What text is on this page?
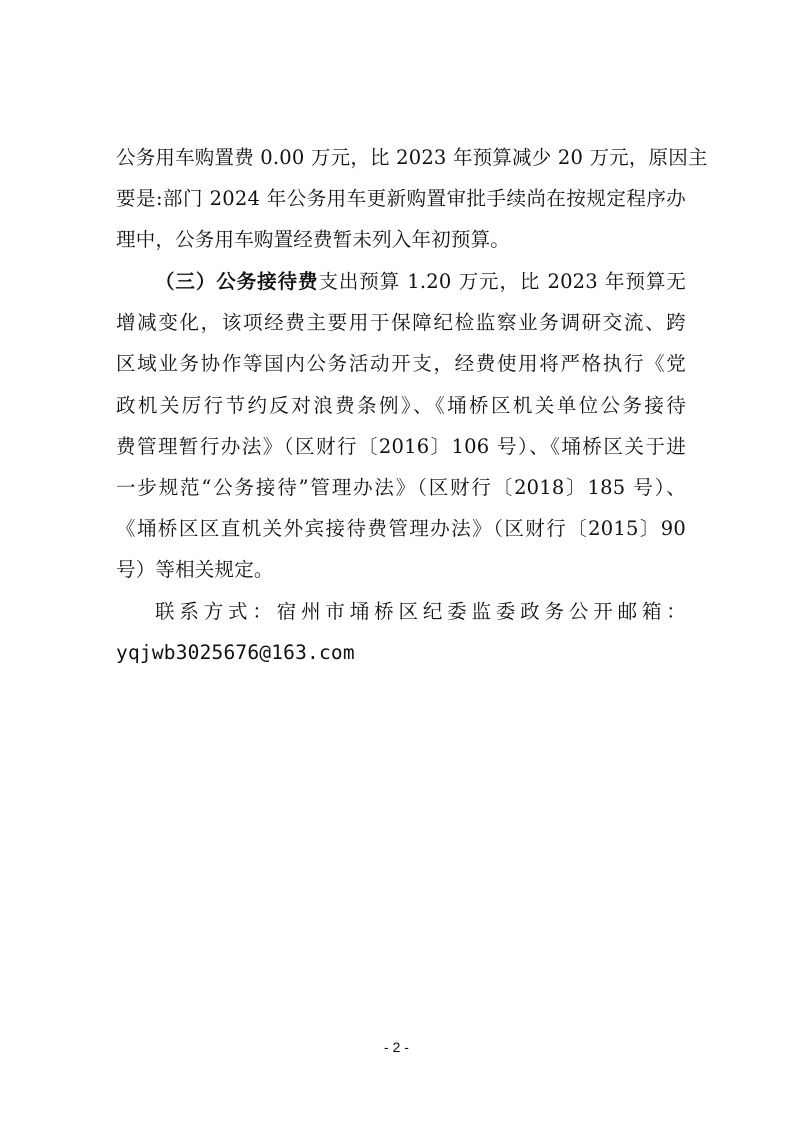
公务用车购置费 0.00 万元，比 2023 年预算减少 20 万元，原因主
要是:部门 2024 年公务用车更新购置审批手续尚在按规定程序办
理中，公务用车购置经费暂未列入年初预算。
（三）公务接待费支出预算 1.20 万元，比 2023 年预算无
增减变化，该项经费主要用于保障纪检监察业务调研交流、跨
区域业务协作等国内公务活动开支，经费使用将严格执行《党
政机关厉行节约反对浪费条例》、《埇桥区机关单位公务接待
费管理暂行办法》（区财行〔2016〕106 号）、《埇桥区关于进
一步规范“公务接待”管理办法》（区财行〔2018〕185 号）、
《埇桥区区直机关外宾接待费管理办法》（区财行〔2015〕90
号）等相关规定。
联系方式：宿州市埇桥区纪委监委政务公开邮箱：
yqjwb3025676@163.com
- 2 -
